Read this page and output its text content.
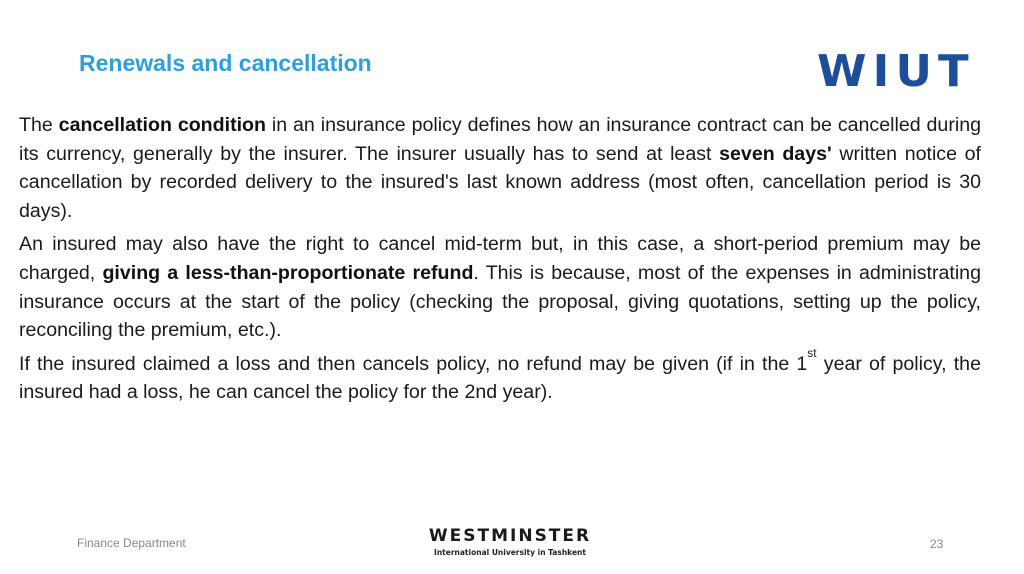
Renewals and cancellation	WIUT

The cancellation condition in an insurance policy defines how an insurance contract can be cancelled during its currency, generally by the insurer. The insurer usually has to send at least seven days' written notice of cancellation by recorded delivery to the insured's last known address (most often, cancellation period is 30 days).

An insured may also have the right to cancel mid-term but, in this case, a short-period premium may be charged, giving a less-than-proportionate refund. This is because, most of the expenses in administrating insurance occurs at the start of the policy (checking the proposal, giving quotations, setting up the policy, reconciling the premium, etc.).

If the insured claimed a loss and then cancels policy, no refund may be given (if in the 1st year of policy, the insured had a loss, he can cancel the policy for the 2nd year).

Finance Department	WESTMINSTER
International University in Tashkent
23
